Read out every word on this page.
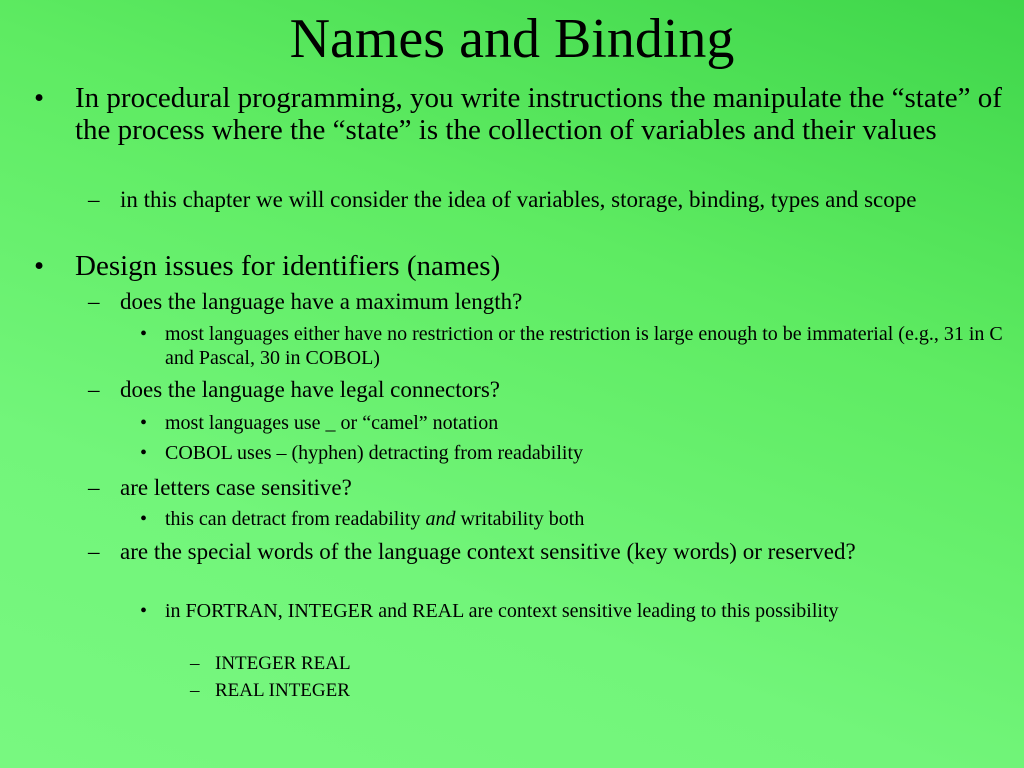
Names and Binding
• In procedural programming, you write instructions the manipulate the “state” of the process where the “state” is the collection of variables and their values

– in this chapter we will consider the idea of variables, storage, binding, types and scope

• Design issues for identifiers (names)

– does the language have a maximum length?

• most languages either have no restriction or the restriction is large enough to be immaterial (e.g., 31 in C and Pascal, 30 in COBOL)

– does the language have legal connectors?

• most languages use _ or “camel” notation

• COBOL uses – (hyphen) detracting from readability

– are letters case sensitive?

• this can detract from readability and writability both

– are the special words of the language context sensitive (key words) or reserved?

• in FORTRAN, INTEGER and REAL are context sensitive leading to this possibility

– INTEGER REAL

– REAL INTEGER
